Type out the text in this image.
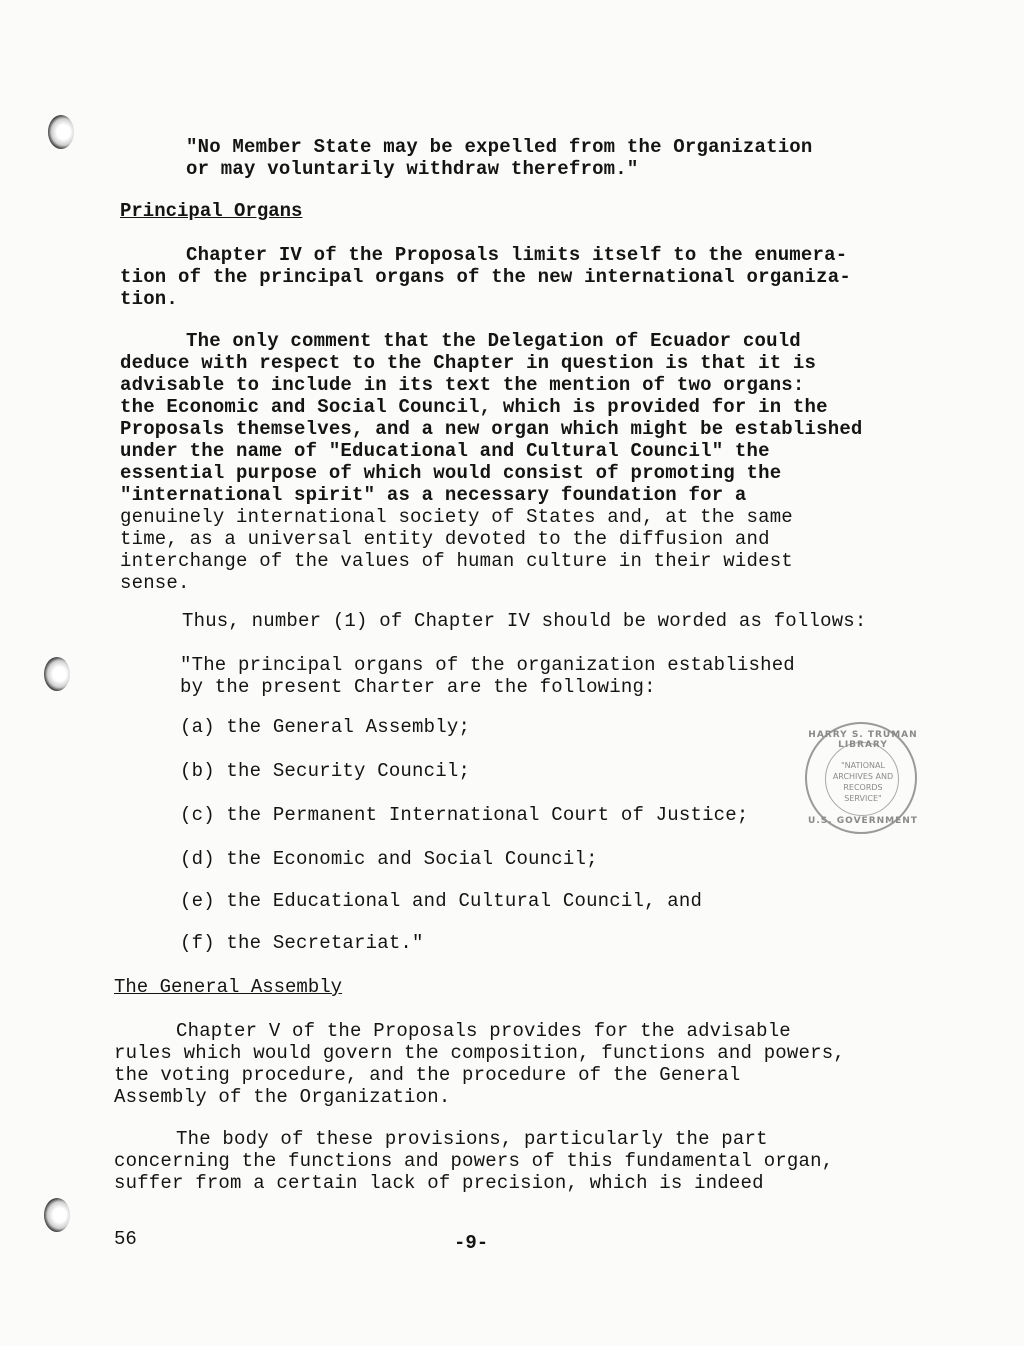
"No Member State may be expelled from the Organization
or may voluntarily withdraw therefrom."
Principal Organs
Chapter IV of the Proposals limits itself to the enumera-
tion of the principal organs of the new international organiza-
tion.
The only comment that the Delegation of Ecuador could
deduce with respect to the Chapter in question is that it is
advisable to include in its text the mention of two organs:
the Economic and Social Council, which is provided for in the
Proposals themselves, and a new organ which might be established
under the name of "Educational and Cultural Council" the
essential purpose of which would consist of promoting the
"international spirit" as a necessary foundation for a
genuinely international society of States and, at the same
time, as a universal entity devoted to the diffusion and
interchange of the values of human culture in their widest
sense.
Thus, number (1) of Chapter IV should be worded as follows:
"The principal organs of the organization established
by the present Charter are the following:
(a) the General Assembly;
(b) the Security Council;
(c) the Permanent International Court of Justice;
(d) the Economic and Social Council;
(e) the Educational and Cultural Council, and
(f) the Secretariat."
The General Assembly
Chapter V of the Proposals provides for the advisable
rules which would govern the composition, functions and powers,
the voting procedure, and the procedure of the General
Assembly of the Organization.
The body of these provisions, particularly the part
concerning the functions and powers of this fundamental organ,
suffer from a certain lack of precision, which is indeed
HARRY S. TRUMAN LIBRARY
"NATIONAL
ARCHIVES AND
RECORDS
SERVICE"
U.S. GOVERNMENT
56	-9-
